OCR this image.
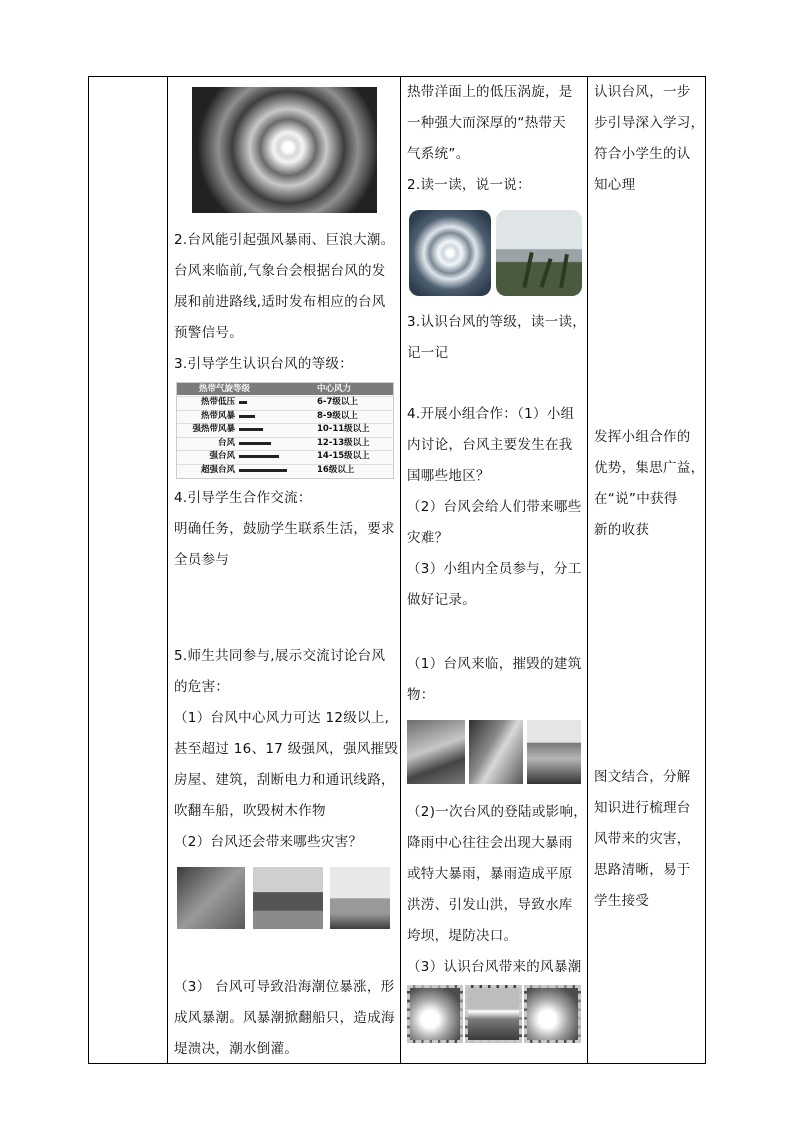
2.台风能引起强风暴雨、巨浪大潮。

台风来临前,气象台会根据台风的发

展和前进路线,适时发布相应的台风

预警信号。

3.引导学生认识台风的等级：

热带气旋等级	中心风力
热带低压	6-7级以上
热带风暴	8-9级以上
强热带风暴	10-11级以上
台风	12-13级以上
强台风	14-15级以上
超强台风	16级以上

4.引导学生合作交流：

明确任务，鼓励学生联系生活，要求

全员参与

5.师生共同参与,展示交流讨论台风

的危害：

（1）台风中心风力可达 12级以上,

甚至超过 16、17 级强风，强风摧毁

房屋、建筑，刮断电力和通讯线路，

吹翻车船，吹毁树木作物

（2）台风还会带来哪些灾害？

（3） 台风可导致沿海潮位暴涨，形

成风暴潮。风暴潮掀翻船只，造成海

堤溃决，潮水倒灌。

热带洋面上的低压涡旋，是

一种强大而深厚的“热带天

气系统”。

2.读一读，说一说：

3.认识台风的等级，读一读，

记一记

4.开展小组合作：（1）小组

内讨论，台风主要发生在我

国哪些地区？

（2）台风会给人们带来哪些

灾难？

（3）小组内全员参与，分工

做好记录。

（1）台风来临，摧毁的建筑

物：

（2)一次台风的登陆或影响，

降雨中心往往会出现大暴雨

或特大暴雨，暴雨造成平原

洪涝、引发山洪，导致水库

垮坝，堤防决口。

（3）认识台风带来的风暴潮

认识台风，一步

步引导深入学习，

符合小学生的认

知心理

发挥小组合作的

优势，集思广益，

在“说”中获得

新的收获

图文结合，分解

知识进行梳理台

风带来的灾害，

思路清晰，易于

学生接受
